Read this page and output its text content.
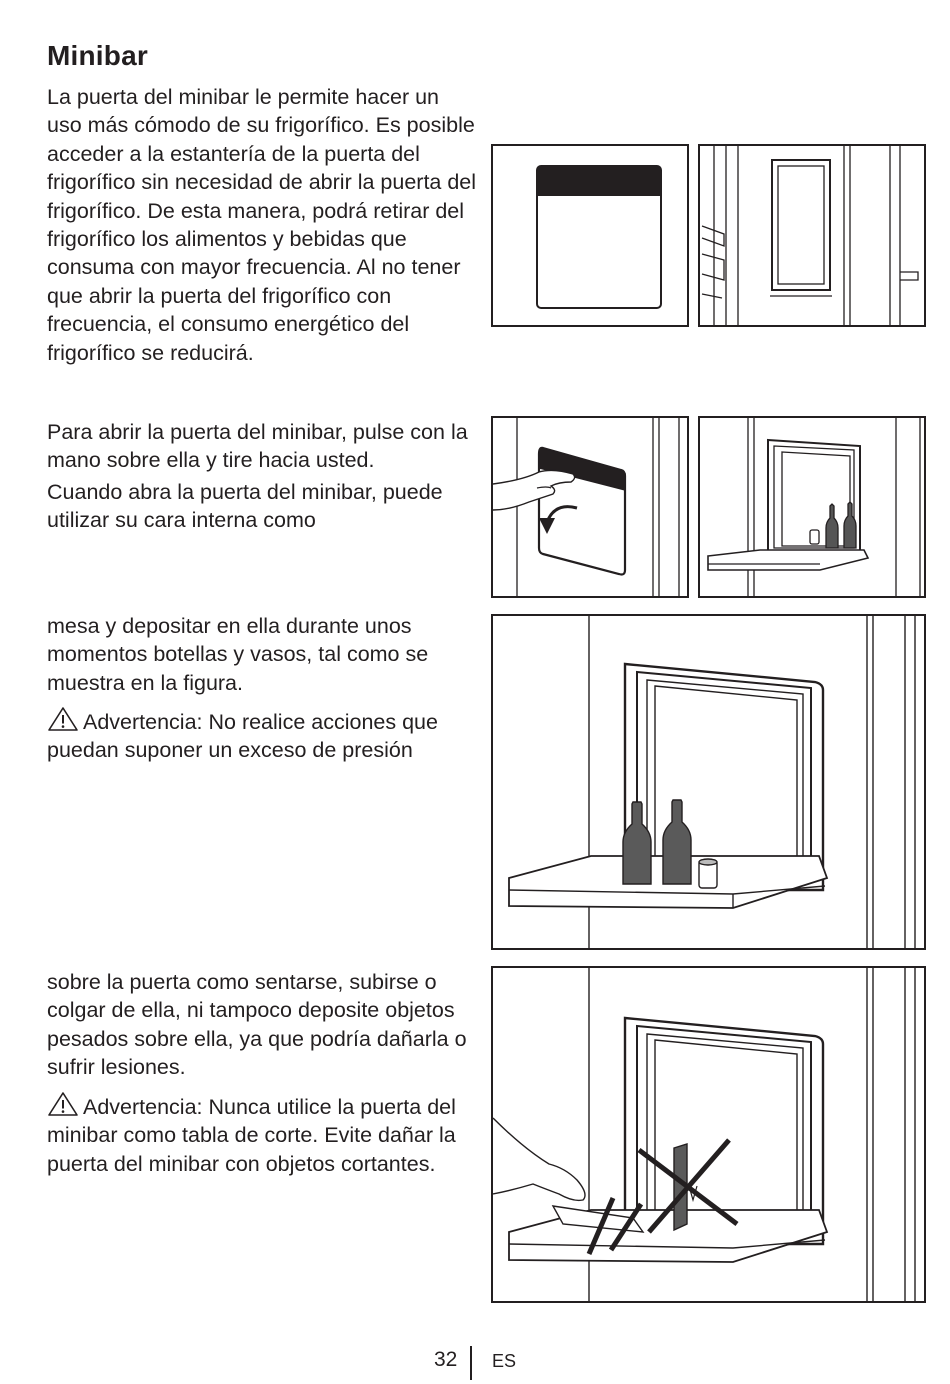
Minibar

La puerta del minibar le permite hacer un uso más cómodo de su frigorífico. Es posible acceder a la estantería de la puerta del frigorífico sin necesidad de abrir la puerta del frigorífico. De esta manera, podrá retirar del frigorífico los alimentos y bebidas que consuma con mayor frecuencia. Al no tener que abrir la puerta del frigorífico con frecuencia, el consumo energético del frigorífico se reducirá.

Para abrir la puerta del minibar, pulse con la mano sobre ella y tire hacia usted.

Cuando abra la puerta del minibar, puede utilizar su cara interna como

mesa y depositar en ella durante unos momentos botellas y vasos, tal como se muestra en la figura.

Advertencia: No realice acciones que puedan suponer un exceso de presión

sobre la puerta como sentarse, subirse o colgar de ella, ni tampoco deposite objetos pesados sobre ella, ya que podría dañarla o sufrir lesiones.

Advertencia: Nunca utilice la puerta del minibar como tabla de corte. Evite dañar la puerta del minibar con objetos cortantes.

32 ES
